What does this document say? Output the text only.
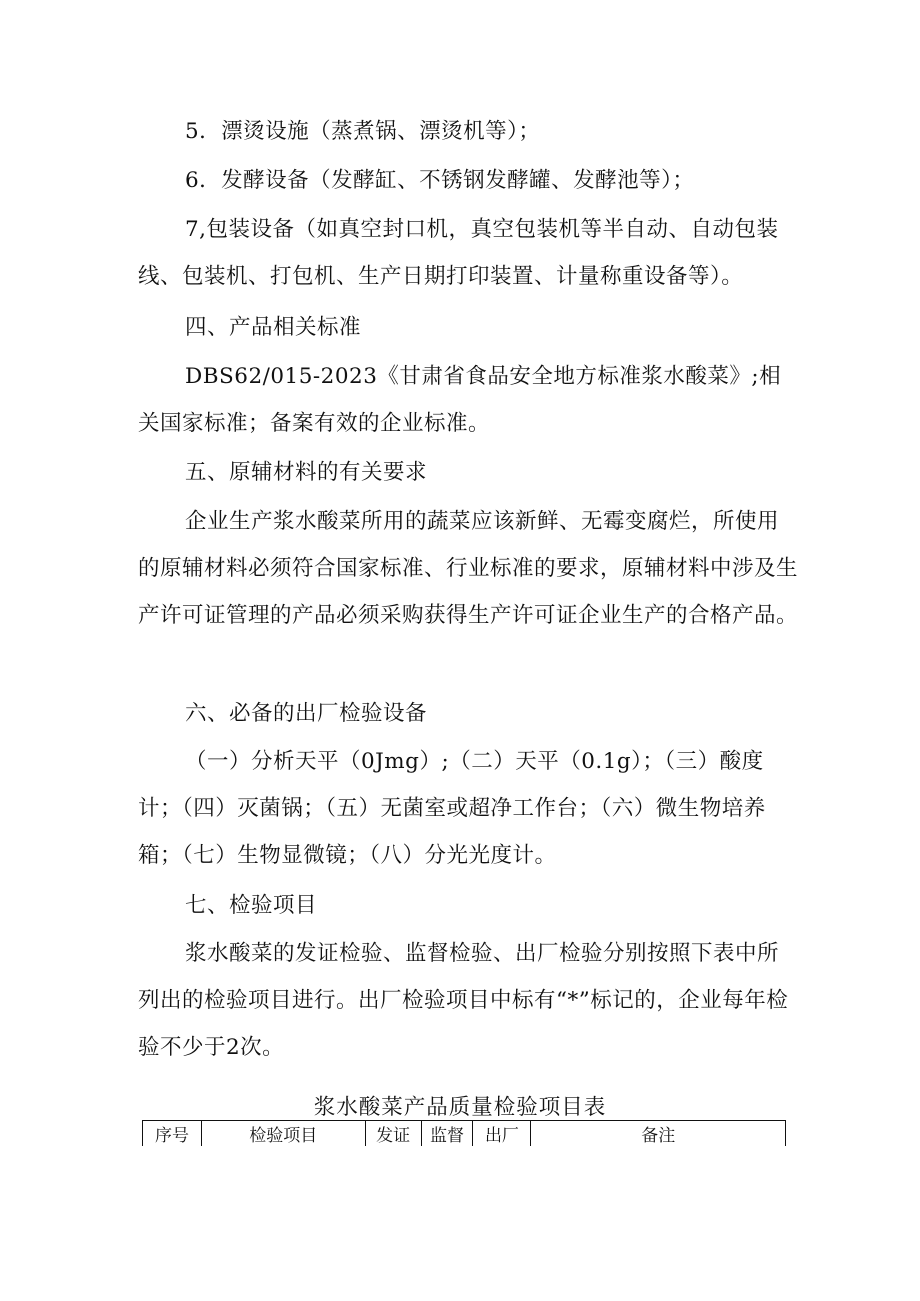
5．漂烫设施（蒸煮锅、漂烫机等）；

6．发酵设备（发酵缸、不锈钢发酵罐、发酵池等）；

7,包装设备（如真空封口机，真空包装机等半自动、自动包装线、包装机、打包机、生产日期打印装置、计量称重设备等）。

四、产品相关标准

DBS62/015-2023《甘肃省食品安全地方标准浆水酸菜》;相关国家标准；备案有效的企业标准。

五、原辅材料的有关要求

企业生产浆水酸菜所用的蔬菜应该新鲜、无霉变腐烂，所使用的原辅材料必须符合国家标准、行业标准的要求，原辅材料中涉及生产许可证管理的产品必须采购获得生产许可证企业生产的合格产品。

六、必备的出厂检验设备

（一）分析天平（0Jmg）;（二）天平（0.1g）；（三）酸度计；（四）灭菌锅；（五）无菌室或超净工作台；（六）微生物培养箱；（七）生物显微镜；（八）分光光度计。

七、检验项目

浆水酸菜的发证检验、监督检验、出厂检验分别按照下表中所列出的检验项目进行。出厂检验项目中标有“*”标记的，企业每年检验不少于2次。

浆水酸菜产品质量检验项目表
序号	检验项目	发证	监督	出厂	备注
